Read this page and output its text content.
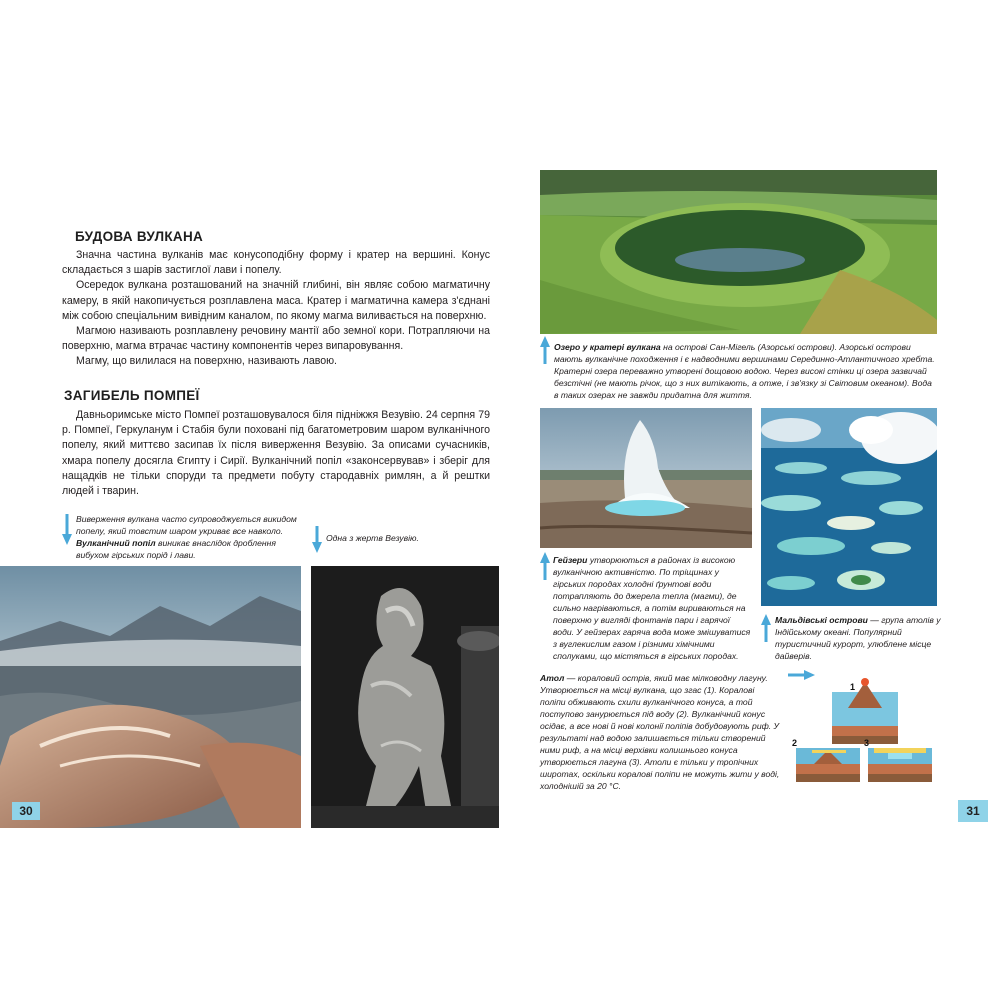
БУДОВА ВУЛКАНА

Значна частина вулканів має конусоподібну форму і кратер на вершині. Конус складається з шарів застиглої лави і попелу.

Осередок вулкана розташований на значній глибині, він являє собою магматичну камеру, в якій накопичується розплавлена маса. Кратер і магматична камера з'єднані між собою спеціальним вивідним каналом, по якому магма виливається на поверхню.

Магмою називають розплавлену речовину мантії або земної кори. Потрапляючи на поверхню, магма втрачає частину компонентів через випаровування.

Магму, що вилилася на поверхню, називають лавою.

ЗАГИБЕЛЬ ПОМПЕЇ

Давньоримське місто Помпеї розташовувалося біля підніжжя Везувію. 24 серпня 79 р. Помпеї, Геркуланум і Стабія були поховані під багатометровим шаром вулканічного попелу, який миттєво засипав їх після виверження Везувію. За описами сучасників, хмара попелу досягла Єгипту і Сирії. Вулканічний попіл «законсервував» і зберіг для нащадків не тільки споруди та предмети побуту стародавніх римлян, а й рештки людей і тварин.

Виверження вулкана часто супроводжується викидом попелу, який товстим шаром укриває все навколо. Вулканічний попіл виникає внаслідок дроблення вибухом гірських порід і лави.
Одна з жертв Везувію.
30
Озеро у кратері вулкана на острові Сан-Мігель (Азорські острови). Азорські острови мають вулканічне походження і є надводними вершинами Серединно-Атлантичного хребта. Кратерні озера переважно утворені дощовою водою. Через високі стінки ці озера зазвичай безстічні (не мають річок, що з них витікають, а отже, і зв'язку зі Світовим океаном). Вода в таких озерах не завжди придатна для життя.
Гейзери утворюються в районах із високою вулканічною активністю. По тріщинах у гірських породах холодні ґрунтові води потрапляють до джерела тепла (магми), де сильно нагріваються, а потім вириваються на поверхню у вигляді фонтанів пари і гарячої води. У гейзерах гаряча вода може змішуватися з вуглекислим газом і різними хімічними сполуками, що містяться в гірських породах.
Мальдівські острови — група атолів у Індійському океані. Популярний туристичний курорт, улюблене місце дайверів.
Атол — кораловий острів, який має мілководну лагуну. Утворюється на місці вулкана, що згас (1). Коралові поліпи обживають схили вулканічного конуса, а той поступово занурюється під воду (2). Вулканічний конус осідає, а все нові й нові колонії поліпів добудовують риф. У результаті над водою залишається тільки створений ними риф, а на місці верхівки колишнього конуса утворюється лагуна (3). Атоли є тільки у тропічних широтах, оскільки коралові поліпи не можуть жити у воді, холоднішій за 20 °С.
1
2	3
31
